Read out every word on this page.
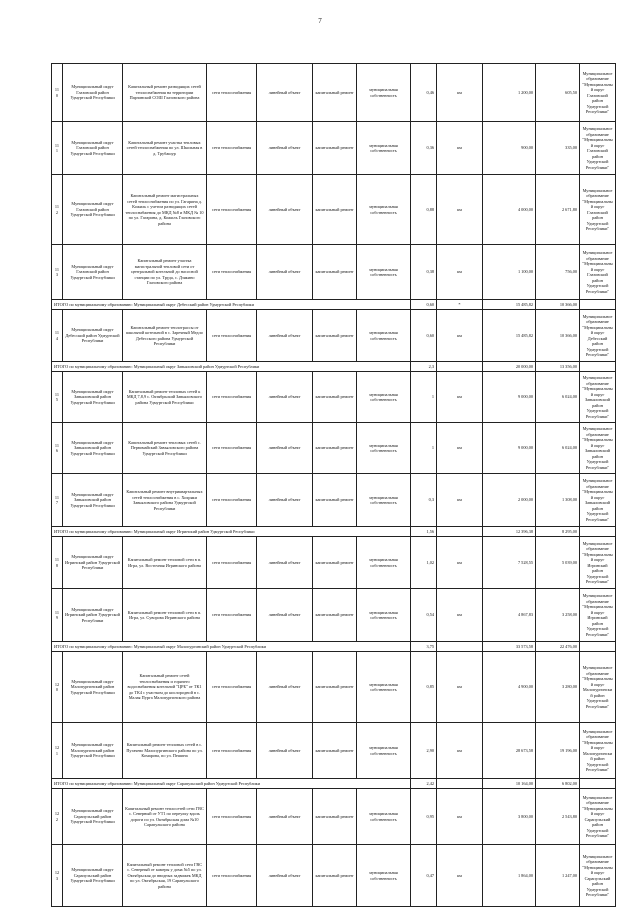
7
110	Муниципальный округ Глазовский район Удмуртской Республики	Капитальный ремонт разводящих сетей теплоснабжения на территории Парзинской СОШ Глазовского района	сети теплоснабжения	линейный объект	капитальный ремонт	муниципальная собственность	0,46	км	1 200,00	605,50	Муниципальное образование "Муниципальный округ Глазовский район Удмуртской Республики"
111	Муниципальный округ Глазовский район Удмуртской Республики	Капитальный ремонт участка тепловых сетей теплоснабжения по ул. Школьная в д. Трубашур	сети теплоснабжения	линейный объект	капитальный ремонт	муниципальная собственность	0,36	км	900,00	335,00	Муниципальное образование "Муниципальный округ Глазовский район Удмуртской Республики"
112	Муниципальный округ Глазовский район Удмуртской Республики	Капитальный ремонт магистральных сетей теплоснабжения по ул. Гагарина д. Кожиль с учетом разводящих сетей теплоснабжения до МКД №8 и МКД № 10 по ул. Гагарина, д. Кожиль Глазовского района	сети теплоснабжения	линейный объект	капитальный ремонт	муниципальная собственность	0,88	км	4 000,00	2 671,80	Муниципальное образование "Муниципальный округ Глазовский район Удмуртской Республики"
113	Муниципальный округ Глазовский район Удмуртской Республики	Капитальный ремонт участка магистральной тепловой сети от центральной котельной до насосной станции по ул. Труда, с. Дзякино Глазовского района	сети теплоснабжения	линейный объект	капитальный ремонт	муниципальная собственность	0,38	км	1 100,00	756,00	Муниципальное образование "Муниципальный округ Глазовский район Удмуртской Республики"
ИТОГО по муниципальному образованию: Муниципальный округ Дебесский район Удмуртской Республики							0,60	*	15 485,82	10 366,00	
114	Муниципальный округ Дебесский район Удмуртской Республики	Капитальный ремонт теплотрассы от школьной котельной в с. Заречный Медло Дебесского района Удмуртской Республики	сети теплоснабжения	линейный объект	капитальный ремонт	муниципальная собственность	0,60	км	15 485,82	10 366,00	Муниципальное образование "Муниципальный округ Дебесский район Удмуртской Республики"
ИТОГО по муниципальному образованию: Муниципальный округ Завьяловский район Удмуртской Республики							2,3		20 000,00	13 356,00	
115	Муниципальный округ Завьяловский район Удмуртской Республики	Капитальный ремонт тепловых сетей к МКД 7,8,9 с. Октябрьский Завьяловского района Удмуртской Республики	сети теплоснабжения	линейный объект	капитальный ремонт	муниципальная собственность	1	км	9 000,00	6 024,00	Муниципальное образование "Муниципальный округ Завьяловский район Удмуртской Республики"
116	Муниципальный округ Завьяловский район Удмуртской Республики	Капитальный ремонт тепловых сетей с. Первомайский Завьяловского района Удмуртской Республики	сети теплоснабжения	линейный объект	капитальный ремонт	муниципальная собственность	1	км	9 000,00	6 024,00	Муниципальное образование "Муниципальный округ Завьяловский район Удмуртской Республики"
117	Муниципальный округ Завьяловский район Удмуртской Республики	Капитальный ремонт внутриквартальных сетей теплоснабжения в с. Хохряки Завьяловского района Удмуртской Республики	сети теплоснабжения	линейный объект	капитальный ремонт	муниципальная собственность	0,3	км	2 000,00	1 308,00	Муниципальное образование "Муниципальный округ Завьяловский район Удмуртской Республики"
ИТОГО по муниципальному образованию: Муниципальный округ Игринский район Удмуртской Республики							1,56		12 396,38	8 295,00	
118	Муниципальный округ Игринский район Удмуртской Республики	Капитальный ремонт тепловой сети в п. Игра, ул. Восточная Игринского района	сети теплоснабжения	линейный объект	капитальный ремонт	муниципальная собственность	1,02	км	7 528,55	5 039,00	Муниципальное образование "Муниципальный округ Игринский район Удмуртской Республики"
119	Муниципальный округ Игринский район Удмуртской Республики	Капитальный ремонт тепловой сети в п. Игра, ул. Суворова Игринского района	сети теплоснабжения	линейный объект	капитальный ремонт	муниципальная собственность	0,54	км	4 867,83	3 258,00	Муниципальное образование "Муниципальный округ Игринский район Удмуртской Республики"
ИТОГО по муниципальному образованию: Муниципальный округ Малопургинский район Удмуртской Республики							3,75		33 573,58	22 476,00	
120	Муниципальный округ Малопургинский район Удмуртской Республики	Капитальный ремонт сетей теплоснабжения и горячего водоснабжения котельной "ЦРБ" от ТК1 до ТК4 с участком до кислородной в с. Малая Пурга Малопургинского района	сети теплоснабжения	линейный объект	капитальный ремонт	муниципальная собственность	0,85	км	4 900,00	3 280,00	Муниципальное образование "Муниципальный округ Малопургинский район Удмуртской Республики"
121	Муниципальный округ Малопургинский район Удмуртской Республики	Капитальный ремонт тепловых сетей в с. Пугачево Малопургинского района по ул. Комарова, по ул. Пешина	сети теплоснабжения	линейный объект	капитальный ремонт	муниципальная собственность	2,90	км	28 673,58	19 196,00	Муниципальное образование "Муниципальный округ Малопургинский район Удмуртской Республики"
ИТОГО по муниципальному образованию: Муниципальный округ Сарапульский район Удмуртской Республики							2,42		10 164,00	6 802,00	
122	Муниципальный округ Сарапульский район Удмуртской Республики	Капитальный ремонт теплосетей сети ГВС с. Северный от УТ1 по переулку вдоль дороги по ул. Октябрьская дома №10 Сарапульского района	сети теплоснабжения	линейный объект	капитальный ремонт	муниципальная собственность	0,95	км	3 800,00	2 543,80	Муниципальное образование "Муниципальный округ Сарапульский район Удмуртской Республики"
123	Муниципальный округ Сарапульский район Удмуртской Республики	Капитальный ремонт тепловой сети ГВС с. Северный от камеры у дома №5 по ул. Октябрьская до вводных задвижек МКД по ул. Октябрьская, 19 Сарапульского района	сети теплоснабжения	линейный объект	капитальный ремонт	муниципальная собственность	0,47	км	1 864,00	1 247,00	Муниципальное образование "Муниципальный округ Сарапульский район Удмуртской Республики"
